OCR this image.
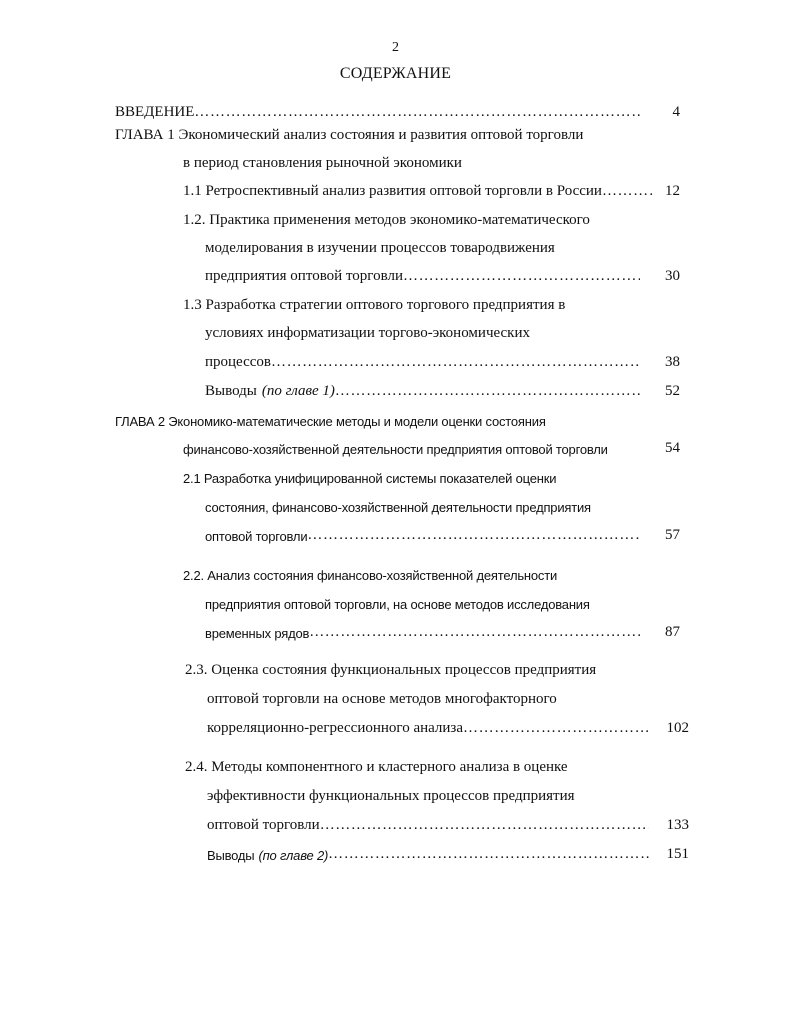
2
СОДЕРЖАНИЕ
ВВЕДЕНИЕ …………………………………………………………………………………………………………………………………………………………………………………………………………………………	4
ГЛАВА 1 Экономический анализ состояния и развития оптовой торговли
в период становления рыночной экономики
1.1 Ретроспективный анализ развития оптовой торговли в России …………………………………………………………………………………………………………………………………………………………………………………………………………………………	12
1.2. Практика применения методов экономико-математического
моделирования в изучении процессов товародвижения
предприятия оптовой торговли …………………………………………………………………………………………………………………………………………………………………………………………………………………………	30
1.3 Разработка стратегии оптового торгового предприятия в
условиях информатизации торгово-экономических
процессов …………………………………………………………………………………………………………………………………………………………………………………………………………………………	38
Выводы (по главе 1) …………………………………………………………………………………………………………………………………………………………………………………………………………………………	52
ГЛАВА 2 Экономико-математические методы и модели оценки состояния
финансово-хозяйственной деятельности предприятия оптовой торговли	54
2.1 Разработка унифицированной системы показателей оценки
состояния, финансово-хозяйственной деятельности предприятия
оптовой торговли …………………………………………………………………………………………………………………………………………………………………………………………………………………………	57
2.2. Анализ состояния финансово-хозяйственной деятельности
предприятия оптовой торговли, на основе методов исследования
временных рядов …………………………………………………………………………………………………………………………………………………………………………………………………………………………	87
2.3. Оценка состояния функциональных процессов предприятия
оптовой торговли на основе методов многофакторного
корреляционно-регрессионного анализа …………………………………………………………………………………………………………………………………………………………………………………………………………………………	102
2.4. Методы компонентного и кластерного анализа в оценке
эффективности функциональных процессов предприятия
оптовой торговли …………………………………………………………………………………………………………………………………………………………………………………………………………………………	133
Выводы (по главе 2) …………………………………………………………………………………………………………………………………………………………………………………………………………………………	151
